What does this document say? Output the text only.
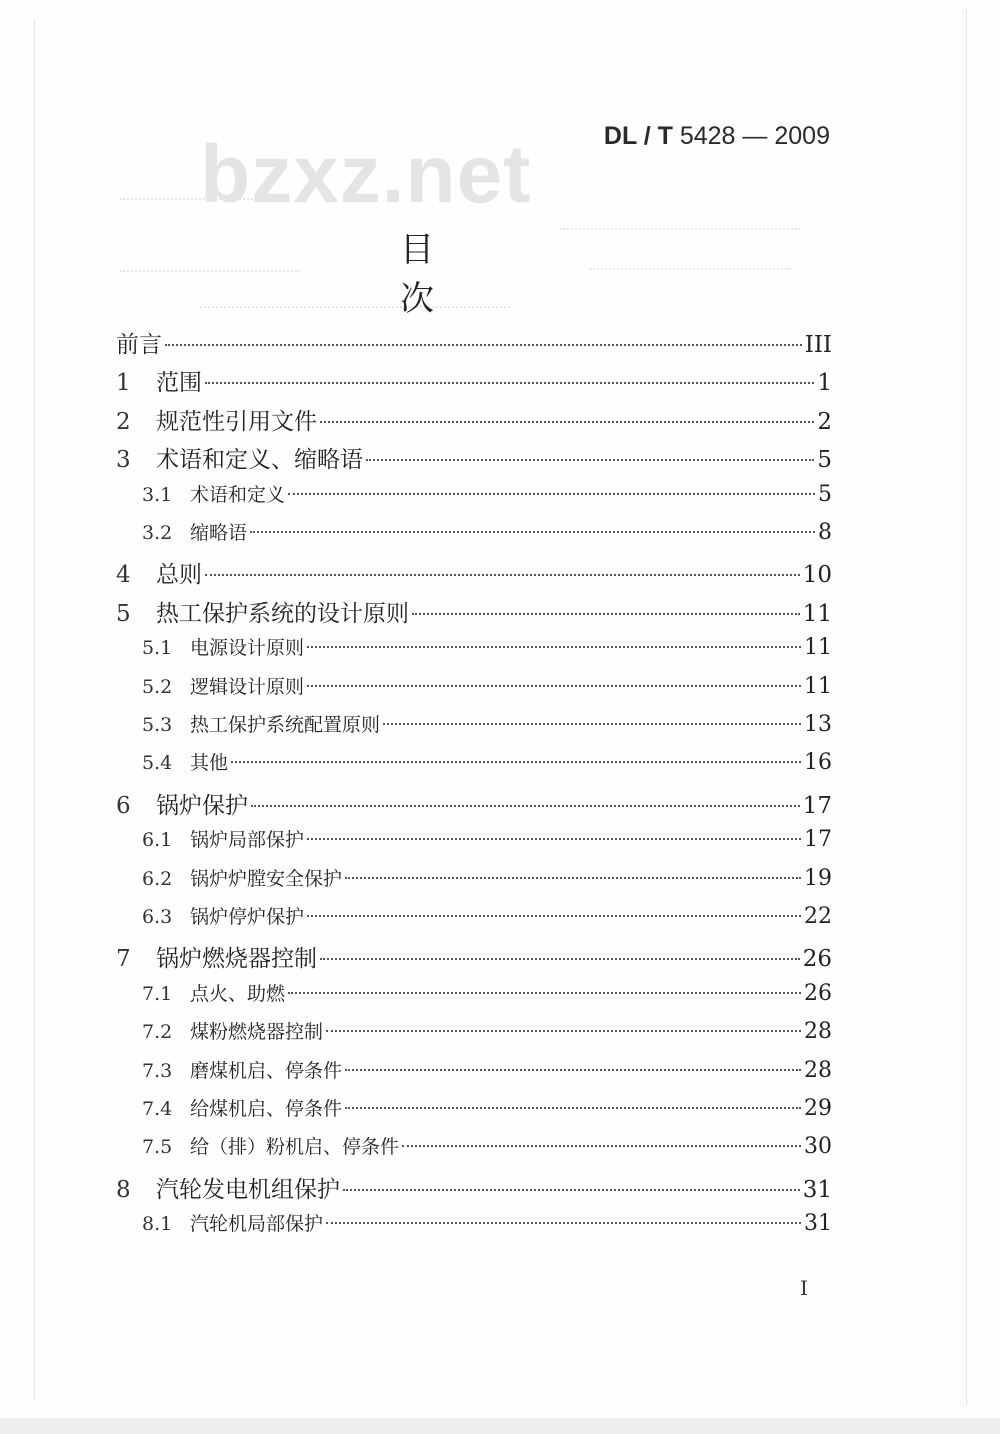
bzxz.net	DL / T 5428 — 2009
目 次
前言	III
1	范围	1
2	规范性引用文件	2
3	术语和定义、缩略语	5
3.1 术语和定义	5
3.2 缩略语	8
4	总则	10
5	热工保护系统的设计原则	11
5.1 电源设计原则	11
5.2 逻辑设计原则	11
5.3 热工保护系统配置原则	13
5.4 其他	16
6	锅炉保护	17
6.1 锅炉局部保护	17
6.2 锅炉炉膛安全保护	19
6.3 锅炉停炉保护	22
7	锅炉燃烧器控制	26
7.1 点火、助燃	26
7.2 煤粉燃烧器控制	28
7.3 磨煤机启、停条件	28
7.4 给煤机启、停条件	29
7.5 给（排）粉机启、停条件	30
8	汽轮发电机组保护	31
8.1 汽轮机局部保护	31
I
